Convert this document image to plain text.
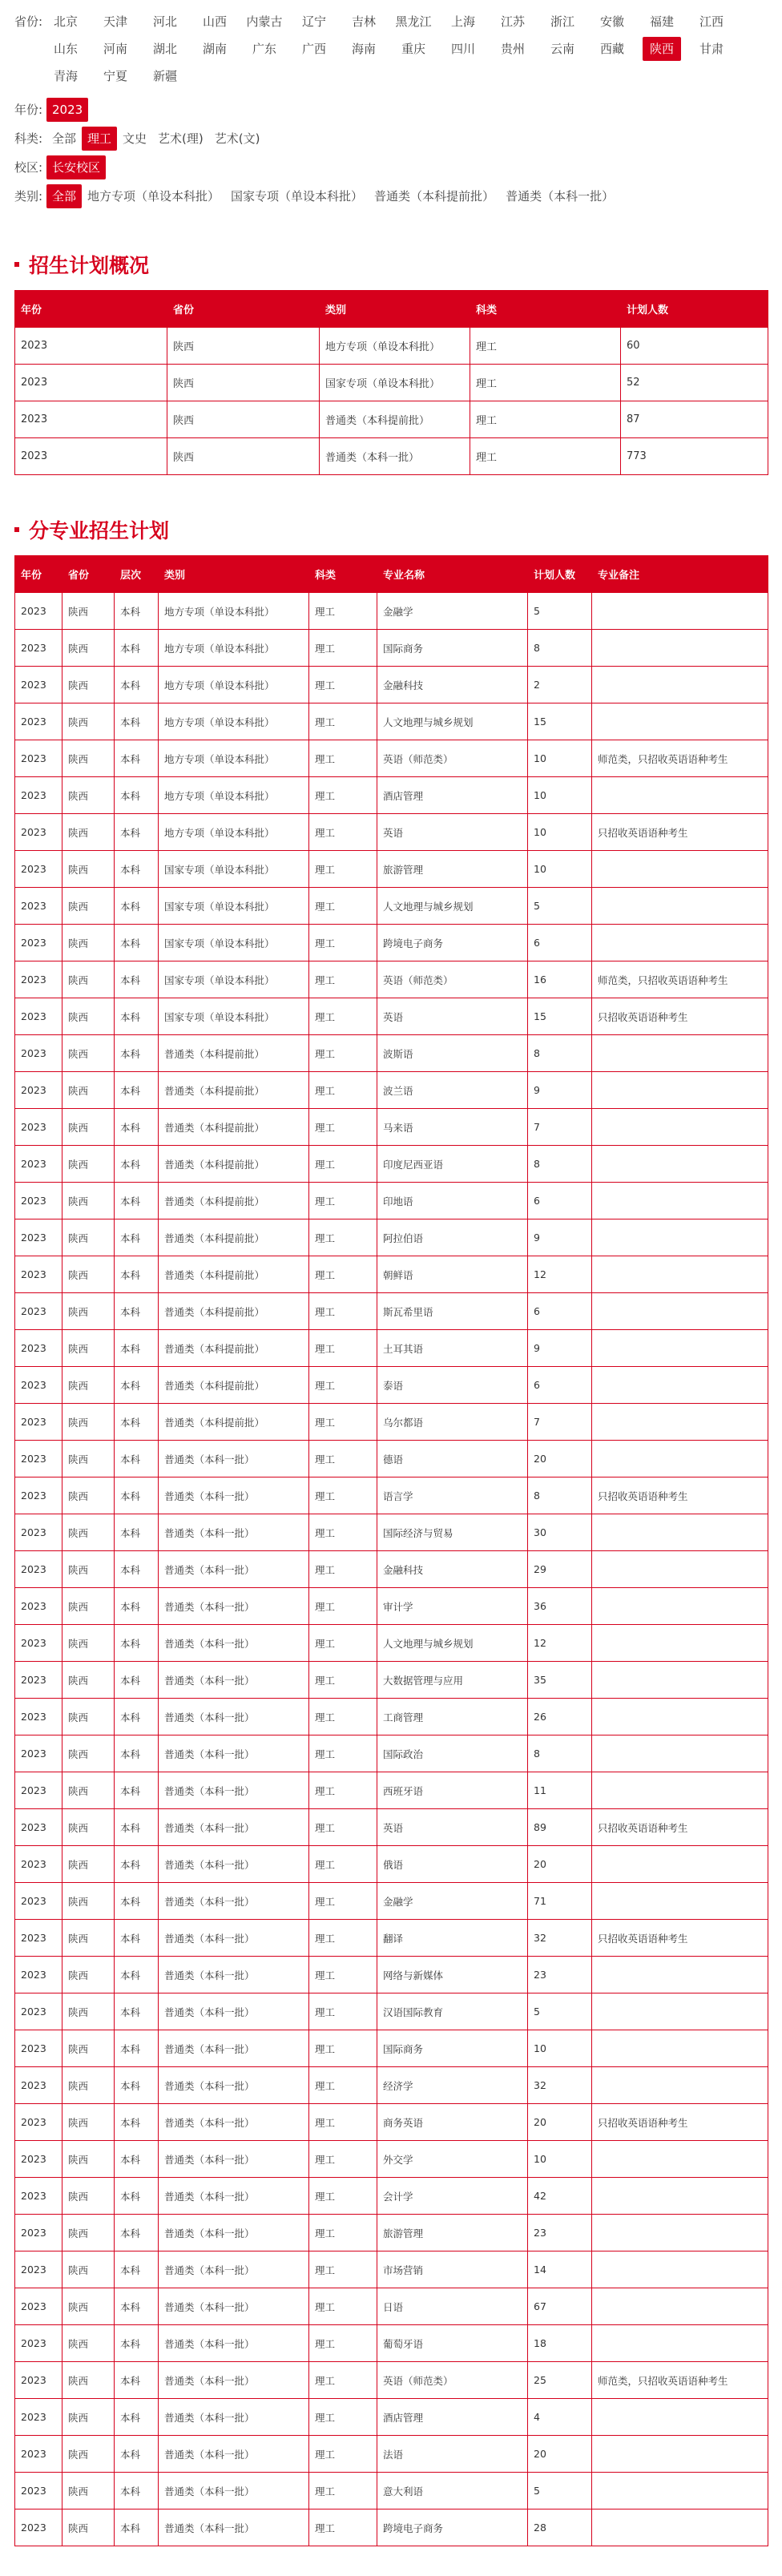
省份: 北京	天津	河北	山西	内蒙古	辽宁	吉林	黑龙江	上海	江苏	浙江	安徽	福建	江西
山东	河南	湖北	湖南	广东	广西	海南	重庆	四川	贵州	云南	西藏	陕西	甘肃
青海	宁夏	新疆
年份: 2023
科类: 全部 理工 文史 艺术(理) 艺术(文)
校区: 长安校区
类别: 全部 地方专项（单设本科批） 国家专项（单设本科批） 普通类（本科提前批） 普通类（本科一批）
招生计划概况
年份	省份	类别	科类	计划人数
2023	陕西	地方专项（单设本科批）	理工	60
2023	陕西	国家专项（单设本科批）	理工	52
2023	陕西	普通类（本科提前批）	理工	87
2023	陕西	普通类（本科一批）	理工	773
分专业招生计划
年份	省份	层次	类别	科类	专业名称	计划人数	专业备注
2023	陕西	本科	地方专项（单设本科批）	理工	金融学	5	
2023	陕西	本科	地方专项（单设本科批）	理工	国际商务	8	
2023	陕西	本科	地方专项（单设本科批）	理工	金融科技	2	
2023	陕西	本科	地方专项（单设本科批）	理工	人文地理与城乡规划	15	
2023	陕西	本科	地方专项（单设本科批）	理工	英语（师范类）	10	师范类，只招收英语语种考生
2023	陕西	本科	地方专项（单设本科批）	理工	酒店管理	10	
2023	陕西	本科	地方专项（单设本科批）	理工	英语	10	只招收英语语种考生
2023	陕西	本科	国家专项（单设本科批）	理工	旅游管理	10	
2023	陕西	本科	国家专项（单设本科批）	理工	人文地理与城乡规划	5	
2023	陕西	本科	国家专项（单设本科批）	理工	跨境电子商务	6	
2023	陕西	本科	国家专项（单设本科批）	理工	英语（师范类）	16	师范类，只招收英语语种考生
2023	陕西	本科	国家专项（单设本科批）	理工	英语	15	只招收英语语种考生
2023	陕西	本科	普通类（本科提前批）	理工	波斯语	8	
2023	陕西	本科	普通类（本科提前批）	理工	波兰语	9	
2023	陕西	本科	普通类（本科提前批）	理工	马来语	7	
2023	陕西	本科	普通类（本科提前批）	理工	印度尼西亚语	8	
2023	陕西	本科	普通类（本科提前批）	理工	印地语	6	
2023	陕西	本科	普通类（本科提前批）	理工	阿拉伯语	9	
2023	陕西	本科	普通类（本科提前批）	理工	朝鲜语	12	
2023	陕西	本科	普通类（本科提前批）	理工	斯瓦希里语	6	
2023	陕西	本科	普通类（本科提前批）	理工	土耳其语	9	
2023	陕西	本科	普通类（本科提前批）	理工	泰语	6	
2023	陕西	本科	普通类（本科提前批）	理工	乌尔都语	7	
2023	陕西	本科	普通类（本科一批）	理工	德语	20	
2023	陕西	本科	普通类（本科一批）	理工	语言学	8	只招收英语语种考生
2023	陕西	本科	普通类（本科一批）	理工	国际经济与贸易	30	
2023	陕西	本科	普通类（本科一批）	理工	金融科技	29	
2023	陕西	本科	普通类（本科一批）	理工	审计学	36	
2023	陕西	本科	普通类（本科一批）	理工	人文地理与城乡规划	12	
2023	陕西	本科	普通类（本科一批）	理工	大数据管理与应用	35	
2023	陕西	本科	普通类（本科一批）	理工	工商管理	26	
2023	陕西	本科	普通类（本科一批）	理工	国际政治	8	
2023	陕西	本科	普通类（本科一批）	理工	西班牙语	11	
2023	陕西	本科	普通类（本科一批）	理工	英语	89	只招收英语语种考生
2023	陕西	本科	普通类（本科一批）	理工	俄语	20	
2023	陕西	本科	普通类（本科一批）	理工	金融学	71	
2023	陕西	本科	普通类（本科一批）	理工	翻译	32	只招收英语语种考生
2023	陕西	本科	普通类（本科一批）	理工	网络与新媒体	23	
2023	陕西	本科	普通类（本科一批）	理工	汉语国际教育	5	
2023	陕西	本科	普通类（本科一批）	理工	国际商务	10	
2023	陕西	本科	普通类（本科一批）	理工	经济学	32	
2023	陕西	本科	普通类（本科一批）	理工	商务英语	20	只招收英语语种考生
2023	陕西	本科	普通类（本科一批）	理工	外交学	10	
2023	陕西	本科	普通类（本科一批）	理工	会计学	42	
2023	陕西	本科	普通类（本科一批）	理工	旅游管理	23	
2023	陕西	本科	普通类（本科一批）	理工	市场营销	14	
2023	陕西	本科	普通类（本科一批）	理工	日语	67	
2023	陕西	本科	普通类（本科一批）	理工	葡萄牙语	18	
2023	陕西	本科	普通类（本科一批）	理工	英语（师范类）	25	师范类，只招收英语语种考生
2023	陕西	本科	普通类（本科一批）	理工	酒店管理	4	
2023	陕西	本科	普通类（本科一批）	理工	法语	20	
2023	陕西	本科	普通类（本科一批）	理工	意大利语	5	
2023	陕西	本科	普通类（本科一批）	理工	跨境电子商务	28	
